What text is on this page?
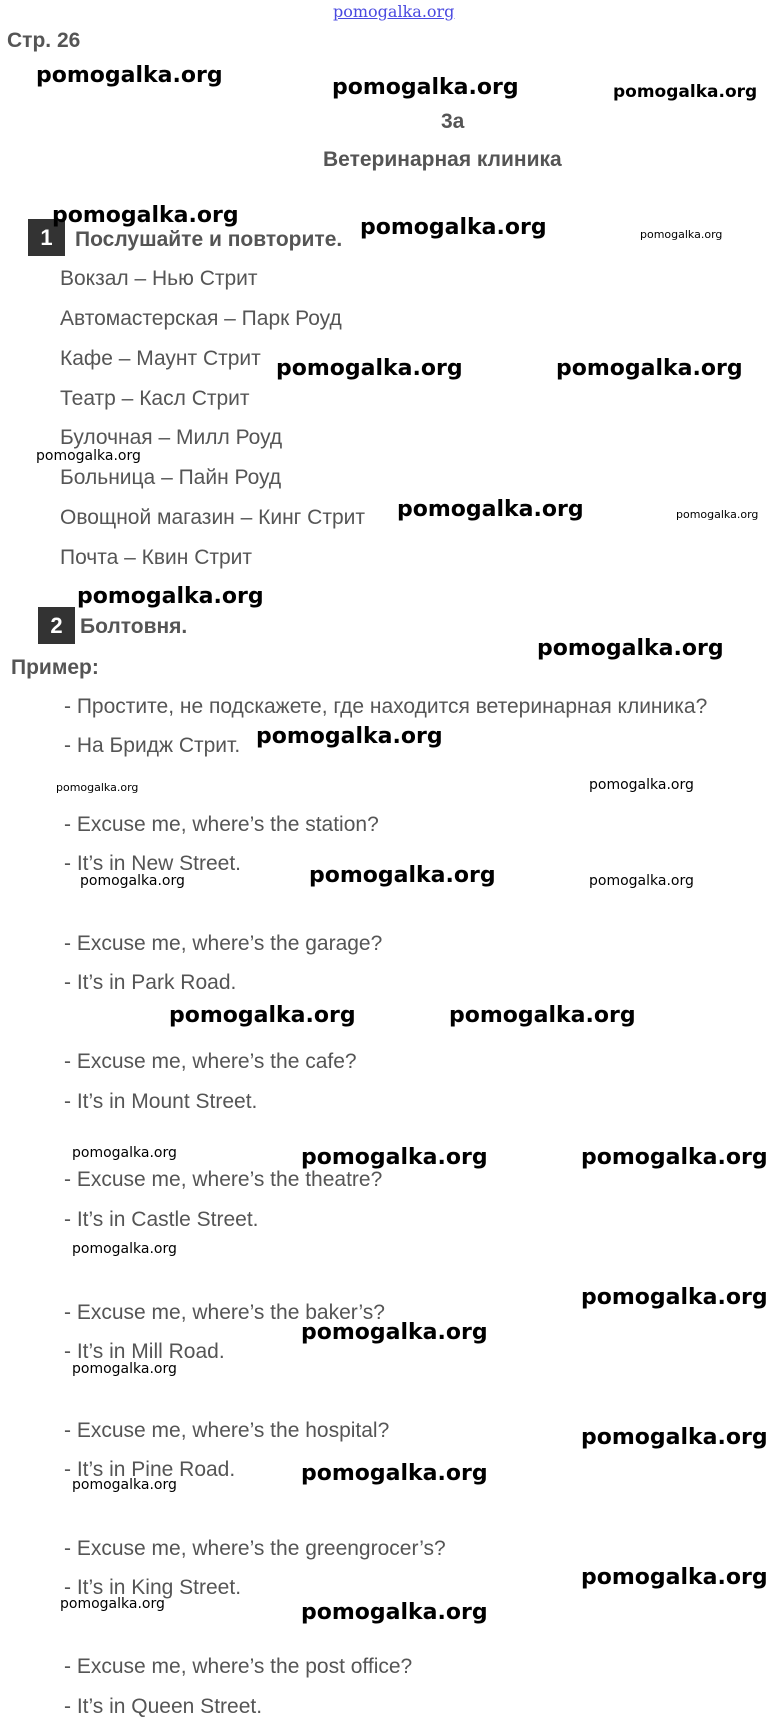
pomogalka.org
Стр. 26
3a
Ветеринарная клиника
1	Послушайте и повторите.
Вокзал – Нью Стрит
Автомастерская – Парк Роуд
Кафе – Маунт Стрит
Театр – Касл Стрит
Булочная – Милл Роуд
Больница – Пайн Роуд
Овощной магазин – Кинг Стрит
Почта – Квин Стрит
2 Болтовня.
Пример:
- Простите, не подскажете, где находится ветеринарная клиника?
- На Бридж Стрит.
- Excuse me, where’s the station?
- It’s in New Street.
- Excuse me, where’s the garage?
- It’s in Park Road.
- Excuse me, where’s the cafe?
- It’s in Mount Street.
- Excuse me, where’s the theatre?
- It’s in Castle Street.
- Excuse me, where’s the baker’s?
- It’s in Mill Road.
- Excuse me, where’s the hospital?
- It’s in Pine Road.
- Excuse me, where’s the greengrocer’s?
- It’s in King Street.
- Excuse me, where’s the post office?
- It’s in Queen Street.
pomogalka.org	pomogalka.org	pomogalka.org
pomogalka.org	pomogalka.org	pomogalka.org
pomogalka.org	pomogalka.org
pomogalka.org
pomogalka.org	pomogalka.org
pomogalka.org
pomogalka.org
pomogalka.org
pomogalka.org	pomogalka.org
pomogalka.org	pomogalka.org	pomogalka.org
pomogalka.org	pomogalka.org
pomogalka.org	pomogalka.org	pomogalka.org
pomogalka.org
pomogalka.org
pomogalka.org
pomogalka.org
pomogalka.org
pomogalka.org
pomogalka.org
pomogalka.org
pomogalka.org	pomogalka.org
